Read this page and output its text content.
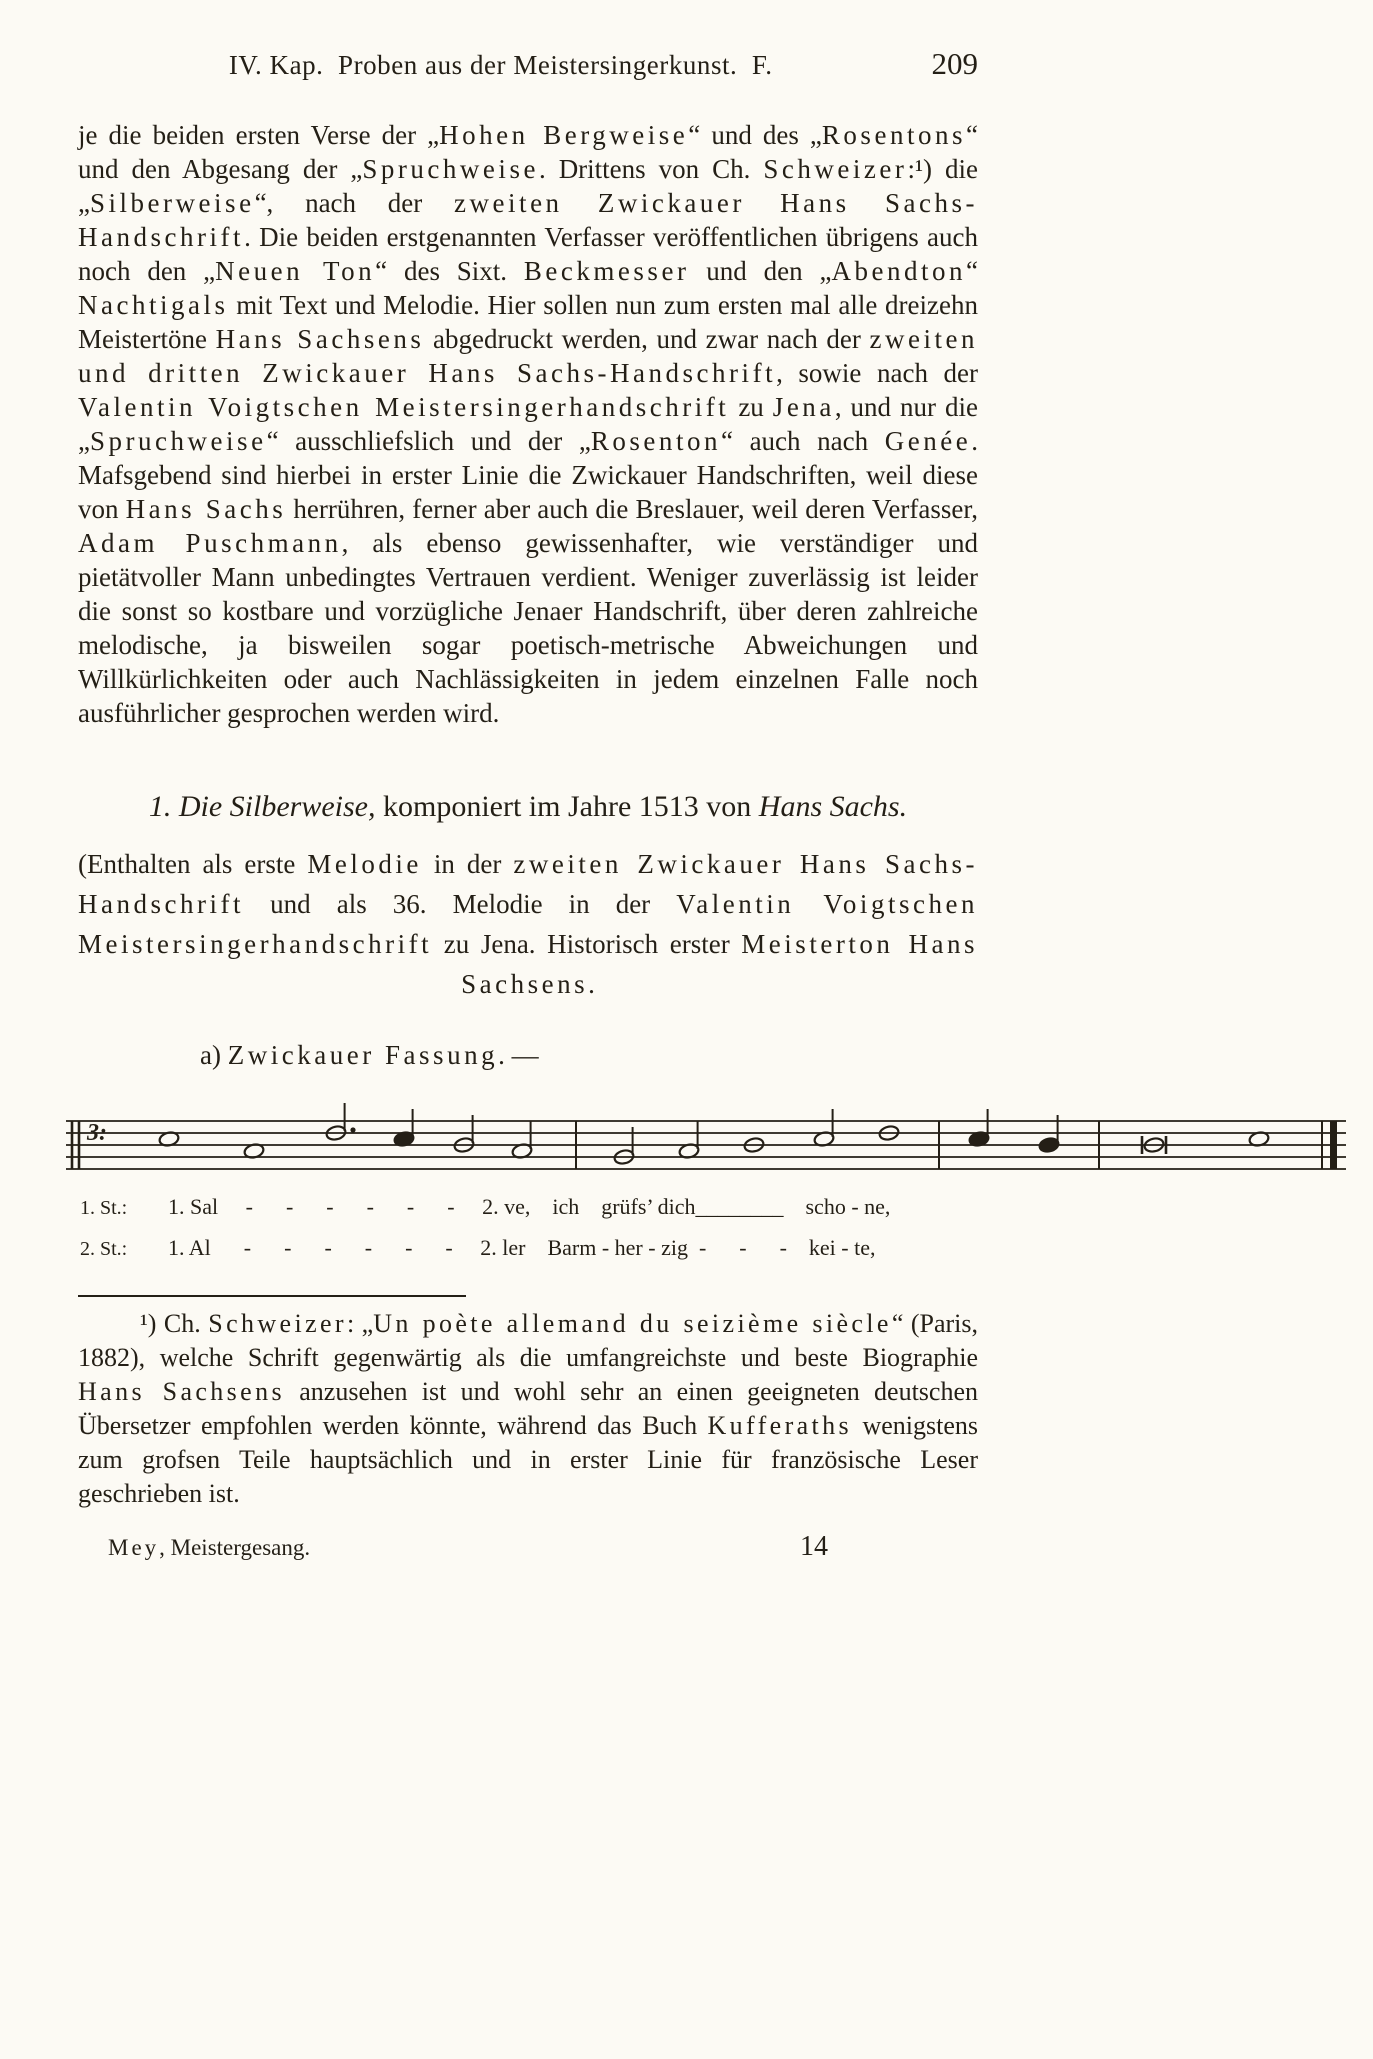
IV. Kap.  Proben aus der Meistersingerkunst.  F.	209

je die beiden ersten Verse der „Hohen Bergweise“ und des „Rosentons“ und den Abgesang der „Spruchweise. Drittens von Ch. Schweizer:¹) die „Silberweise“, nach der zweiten Zwickauer Hans Sachs-Handschrift. Die beiden erstgenannten Verfasser veröffentlichen übrigens auch noch den „Neuen Ton“ des Sixt. Beckmesser und den „Abendton“ Nachtigals mit Text und Melodie. Hier sollen nun zum ersten mal alle dreizehn Meistertöne Hans Sachsens abgedruckt werden, und zwar nach der zweiten und dritten Zwickauer Hans Sachs-Handschrift, sowie nach der Valentin Voigtschen Meistersingerhandschrift zu Jena, und nur die „Spruchweise“ ausschliefslich und der „Rosenton“ auch nach Genée. Mafsgebend sind hierbei in erster Linie die Zwickauer Handschriften, weil diese von Hans Sachs herrühren, ferner aber auch die Breslauer, weil deren Verfasser, Adam Puschmann, als ebenso gewissenhafter, wie verständiger und pietätvoller Mann unbedingtes Vertrauen verdient. Weniger zuverlässig ist leider die sonst so kostbare und vorzügliche Jenaer Handschrift, über deren zahlreiche melodische, ja bisweilen sogar poetisch-metrische Abweichungen und Willkürlichkeiten oder auch Nachlässigkeiten in jedem einzelnen Falle noch ausführlicher gesprochen werden wird.

1. Die Silberweise, komponiert im Jahre 1513 von Hans Sachs.

(Enthalten als erste Melodie in der zweiten Zwickauer Hans Sachs-Handschrift und als 36. Melodie in der Valentin Voigtschen Meistersingerhandschrift zu Jena. Historisch erster Meisterton Hans Sachsens.

a) Zwickauer Fassung. —

3:
1. St.:	1. Sal     -      -      -      -      -      -     2. ve,    ich    grüfs’ dich________    scho - ne,
2. St.:	1. Al      -      -      -      -      -      -     2. ler    Barm - her - zig  -      -      -    kei - te,

¹) Ch. Schweizer: „Un poète allemand du seizième siècle“ (Paris, 1882), welche Schrift gegenwärtig als die umfangreichste und beste Biographie Hans Sachsens anzusehen ist und wohl sehr an einen geeigneten deutschen Übersetzer empfohlen werden könnte, während das Buch Kufferaths wenigstens zum grofsen Teile hauptsächlich und in erster Linie für französische Leser geschrieben ist.

Mey, Meistergesang.	14
